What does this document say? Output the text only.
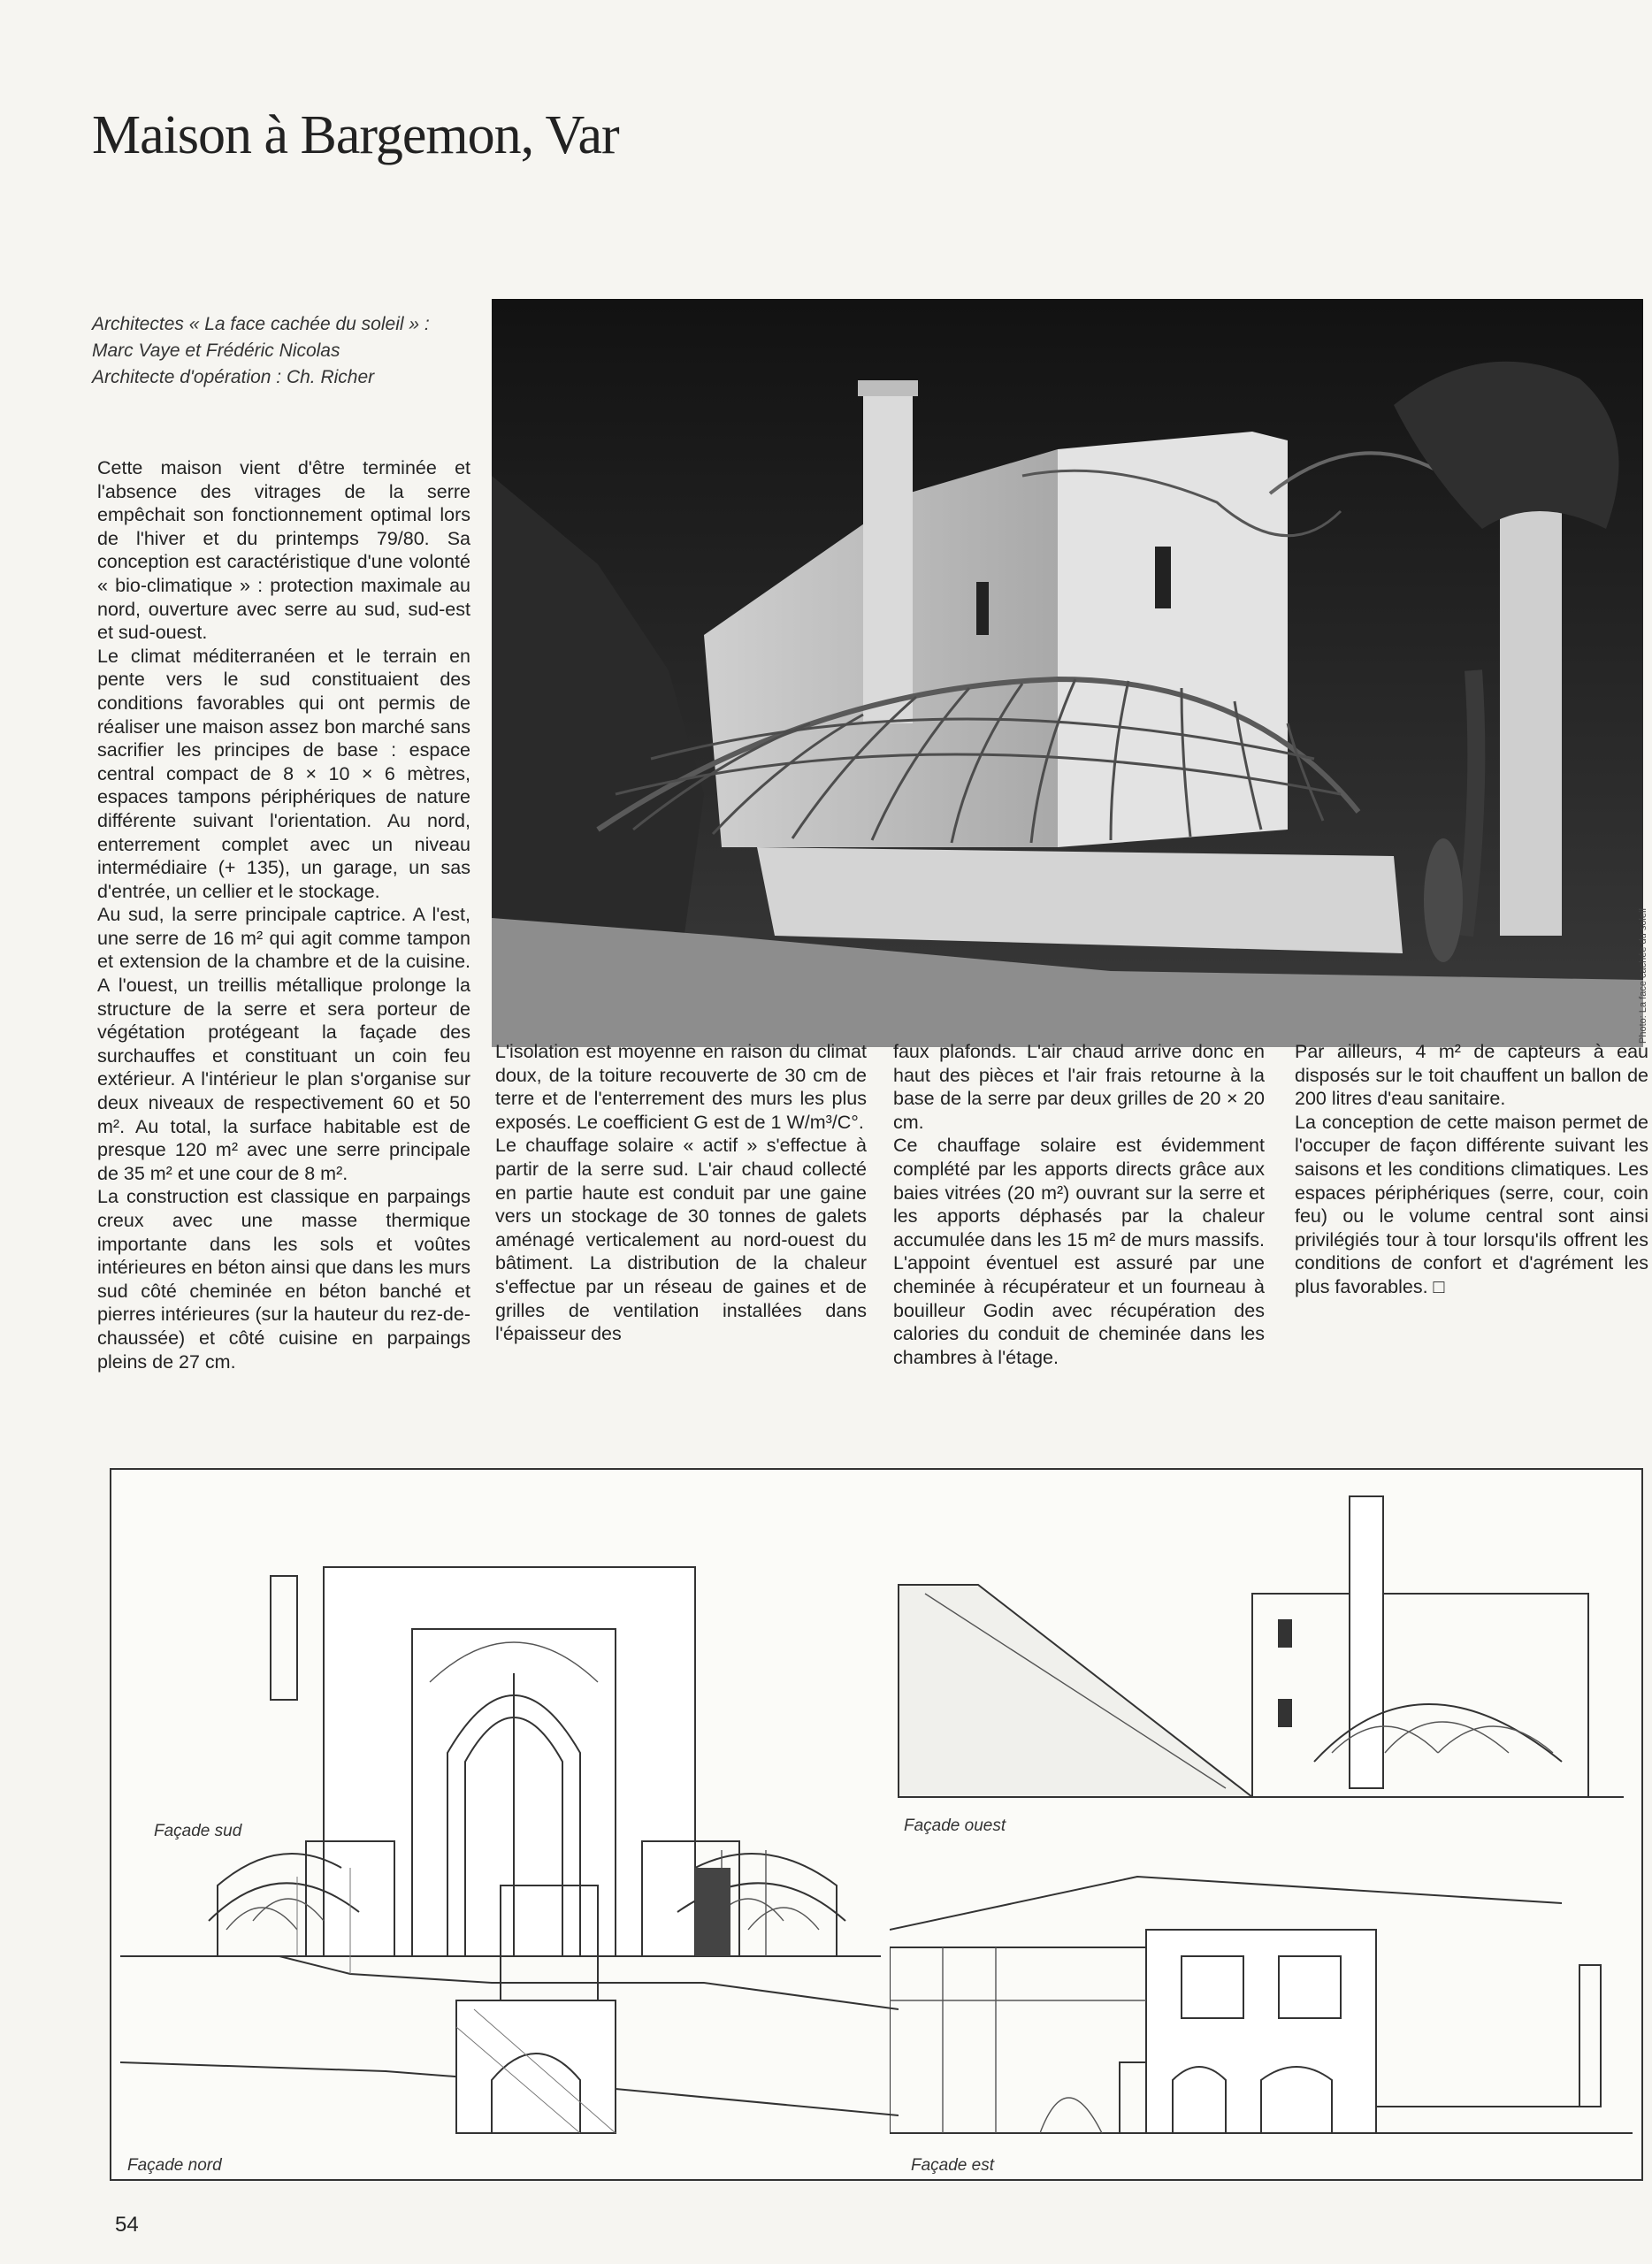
Maison à Bargemon, Var
Architectes « La face cachée du soleil » :
Marc Vaye et Frédéric Nicolas
Architecte d'opération : Ch. Richer

Cette maison vient d'être terminée et l'absence des vitrages de la serre empêchait son fonctionnement optimal lors de l'hiver et du printemps 79/80. Sa conception est caractéristique d'une volonté « bio-climatique » : protection maximale au nord, ouverture avec serre au sud, sud-est et sud-ouest.

Le climat méditerranéen et le terrain en pente vers le sud constituaient des conditions favorables qui ont permis de réaliser une maison assez bon marché sans sacrifier les principes de base : espace central compact de 8 × 10 × 6 mètres, espaces tampons périphériques de nature différente suivant l'orientation. Au nord, enterrement complet avec un niveau intermédiaire (+ 135), un garage, un sas d'entrée, un cellier et le stockage.

Au sud, la serre principale captrice. A l'est, une serre de 16 m² qui agit comme tampon et extension de la chambre et de la cuisine. A l'ouest, un treillis métallique prolonge la structure de la serre et sera porteur de végétation protégeant la façade des surchauffes et constituant un coin feu extérieur. A l'intérieur le plan s'organise sur deux niveaux de respectivement 60 et 50 m². Au total, la surface habitable est de presque 120 m² avec une serre principale de 35 m² et une cour de 8 m².

La construction est classique en parpaings creux avec une masse thermique importante dans les sols et voûtes intérieures en béton ainsi que dans les murs sud côté cheminée en béton banché et pierres intérieures (sur la hauteur du rez-de-chaussée) et côté cuisine en parpaings pleins de 27 cm.

Photo: La face cachée du soleil

L'isolation est moyenne en raison du climat doux, de la toiture recouverte de 30 cm de terre et de l'enterrement des murs les plus exposés. Le coefficient G est de 1 W/m³/C°.

Le chauffage solaire « actif » s'effectue à partir de la serre sud. L'air chaud collecté en partie haute est conduit par une gaine vers un stockage de 30 tonnes de galets aménagé verticalement au nord-ouest du bâtiment. La distribution de la chaleur s'effectue par un réseau de gaines et de grilles de ventilation installées dans l'épaisseur des

faux plafonds. L'air chaud arrive donc en haut des pièces et l'air frais retourne à la base de la serre par deux grilles de 20 × 20 cm.

Ce chauffage solaire est évidemment complété par les apports directs grâce aux baies vitrées (20 m²) ouvrant sur la serre et les apports déphasés par la chaleur accumulée dans les 15 m² de murs massifs. L'appoint éventuel est assuré par une cheminée à récupérateur et un fourneau à bouilleur Godin avec récupération des calories du conduit de cheminée dans les chambres à l'étage.

Par ailleurs, 4 m² de capteurs à eau disposés sur le toit chauffent un ballon de 200 litres d'eau sanitaire.

La conception de cette maison permet de l'occuper de façon différente suivant les saisons et les conditions climatiques. Les espaces périphériques (serre, cour, coin feu) ou le volume central sont ainsi privilégiés tour à tour lorsqu'ils offrent les conditions de confort et d'agrément les plus favorables. □

Façade sud	Façade ouest
Façade nord	Façade est
54
